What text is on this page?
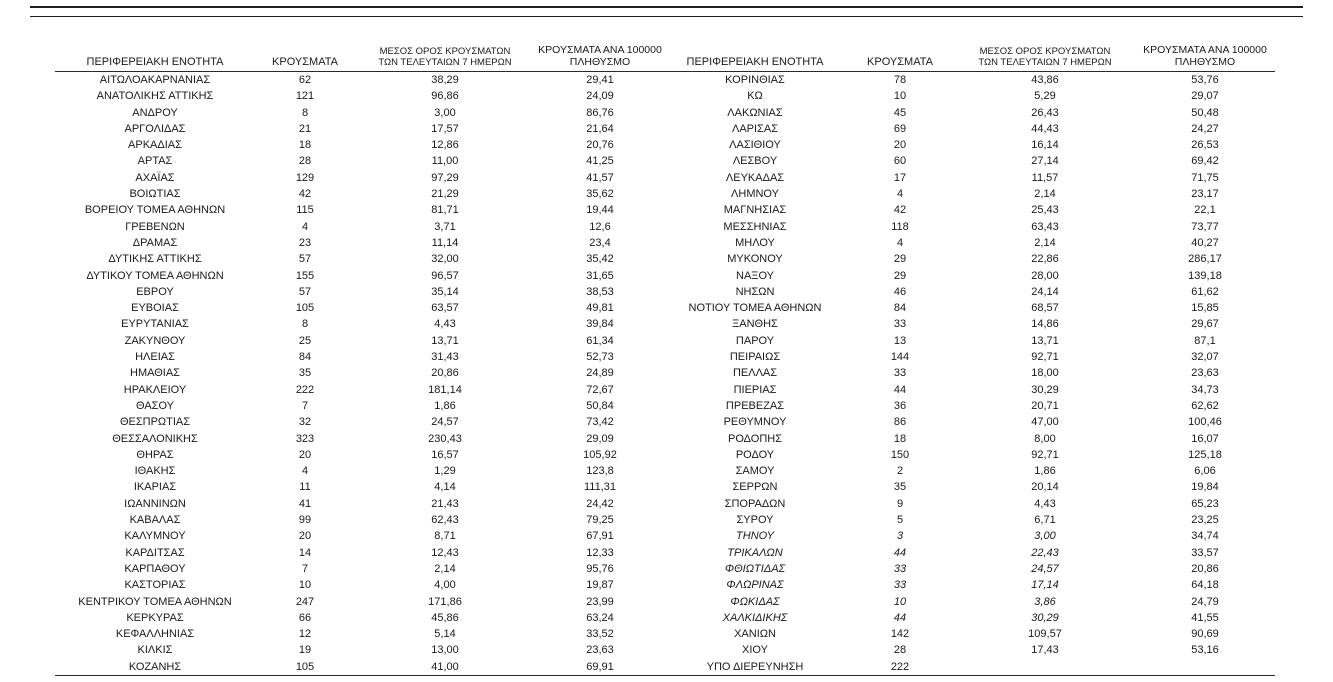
ΠΕΡΙΦΕΡΕΙΑΚΗ ΕΝΟΤΗΤΑ	ΚΡΟΥΣΜΑΤΑ	ΜΕΣΟΣ ΟΡΟΣ ΚΡΟΥΣΜΑΤΩΝ
ΤΩΝ ΤΕΛΕΥΤΑΙΩΝ 7 ΗΜΕΡΩΝ	ΚΡΟΥΣΜΑΤΑ ΑΝΑ 100000
ΠΛΗΘΥΣΜΟ	ΠΕΡΙΦΕΡΕΙΑΚΗ ΕΝΟΤΗΤΑ	ΚΡΟΥΣΜΑΤΑ	ΜΕΣΟΣ ΟΡΟΣ ΚΡΟΥΣΜΑΤΩΝ
ΤΩΝ ΤΕΛΕΥΤΑΙΩΝ 7 ΗΜΕΡΩΝ	ΚΡΟΥΣΜΑΤΑ ΑΝΑ 100000
ΠΛΗΘΥΣΜΟ

ΑΙΤΩΛΟΑΚΑΡΝΑΝΙΑΣ	62	38,29	29,41	ΚΟΡΙΝΘΙΑΣ	78	43,86	53,76
ΑΝΑΤΟΛΙΚΗΣ ΑΤΤΙΚΗΣ	121	96,86	24,09	ΚΩ	10	5,29	29,07
ΑΝΔΡΟΥ	8	3,00	86,76	ΛΑΚΩΝΙΑΣ	45	26,43	50,48
ΑΡΓΟΛΙΔΑΣ	21	17,57	21,64	ΛΑΡΙΣΑΣ	69	44,43	24,27
ΑΡΚΑΔΙΑΣ	18	12,86	20,76	ΛΑΣΙΘΙΟΥ	20	16,14	26,53
ΑΡΤΑΣ	28	11,00	41,25	ΛΕΣΒΟΥ	60	27,14	69,42
ΑΧΑΪΑΣ	129	97,29	41,57	ΛΕΥΚΑΔΑΣ	17	11,57	71,75
ΒΟΙΩΤΙΑΣ	42	21,29	35,62	ΛΗΜΝΟΥ	4	2,14	23,17
ΒΟΡΕΙΟΥ ΤΟΜΕΑ ΑΘΗΝΩΝ	115	81,71	19,44	ΜΑΓΝΗΣΙΑΣ	42	25,43	22,1
ΓΡΕΒΕΝΩΝ	4	3,71	12,6	ΜΕΣΣΗΝΙΑΣ	118	63,43	73,77
ΔΡΑΜΑΣ	23	11,14	23,4	ΜΗΛΟΥ	4	2,14	40,27
ΔΥΤΙΚΗΣ ΑΤΤΙΚΗΣ	57	32,00	35,42	ΜΥΚΟΝΟΥ	29	22,86	286,17
ΔΥΤΙΚΟΥ ΤΟΜΕΑ ΑΘΗΝΩΝ	155	96,57	31,65	ΝΑΞΟΥ	29	28,00	139,18
ΕΒΡΟΥ	57	35,14	38,53	ΝΗΣΩΝ	46	24,14	61,62
ΕΥΒΟΙΑΣ	105	63,57	49,81	ΝΟΤΙΟΥ ΤΟΜΕΑ ΑΘΗΝΩΝ	84	68,57	15,85
ΕΥΡΥΤΑΝΙΑΣ	8	4,43	39,84	ΞΑΝΘΗΣ	33	14,86	29,67
ΖΑΚΥΝΘΟΥ	25	13,71	61,34	ΠΑΡΟΥ	13	13,71	87,1
ΗΛΕΙΑΣ	84	31,43	52,73	ΠΕΙΡΑΙΩΣ	144	92,71	32,07
ΗΜΑΘΙΑΣ	35	20,86	24,89	ΠΕΛΛΑΣ	33	18,00	23,63
ΗΡΑΚΛΕΙΟΥ	222	181,14	72,67	ΠΙΕΡΙΑΣ	44	30,29	34,73
ΘΑΣΟΥ	7	1,86	50,84	ΠΡΕΒΕΖΑΣ	36	20,71	62,62
ΘΕΣΠΡΩΤΙΑΣ	32	24,57	73,42	ΡΕΘΥΜΝΟΥ	86	47,00	100,46
ΘΕΣΣΑΛΟΝΙΚΗΣ	323	230,43	29,09	ΡΟΔΟΠΗΣ	18	8,00	16,07
ΘΗΡΑΣ	20	16,57	105,92	ΡΟΔΟΥ	150	92,71	125,18
ΙΘΑΚΗΣ	4	1,29	123,8	ΣΑΜΟΥ	2	1,86	6,06
ΙΚΑΡΙΑΣ	11	4,14	111,31	ΣΕΡΡΩΝ	35	20,14	19,84
ΙΩΑΝΝΙΝΩΝ	41	21,43	24,42	ΣΠΟΡΑΔΩΝ	9	4,43	65,23
ΚΑΒΑΛΑΣ	99	62,43	79,25	ΣΥΡΟΥ	5	6,71	23,25
ΚΑΛΥΜΝΟΥ	20	8,71	67,91	ΤΗΝΟΥ	3	3,00	34,74
ΚΑΡΔΙΤΣΑΣ	14	12,43	12,33	ΤΡΙΚΑΛΩΝ	44	22,43	33,57
ΚΑΡΠΑΘΟΥ	7	2,14	95,76	ΦΘΙΩΤΙΔΑΣ	33	24,57	20,86
ΚΑΣΤΟΡΙΑΣ	10	4,00	19,87	ΦΛΩΡΙΝΑΣ	33	17,14	64,18
ΚΕΝΤΡΙΚΟΥ ΤΟΜΕΑ ΑΘΗΝΩΝ	247	171,86	23,99	ΦΩΚΙΔΑΣ	10	3,86	24,79
ΚΕΡΚΥΡΑΣ	66	45,86	63,24	ΧΑΛΚΙΔΙΚΗΣ	44	30,29	41,55
ΚΕΦΑΛΛΗΝΙΑΣ	12	5,14	33,52	ΧΑΝΙΩΝ	142	109,57	90,69
ΚΙΛΚΙΣ	19	13,00	23,63	ΧΙΟΥ	28	17,43	53,16
ΚΟΖΑΝΗΣ	105	41,00	69,91	ΥΠΟ ΔΙΕΡΕΥΝΗΣΗ	222		
